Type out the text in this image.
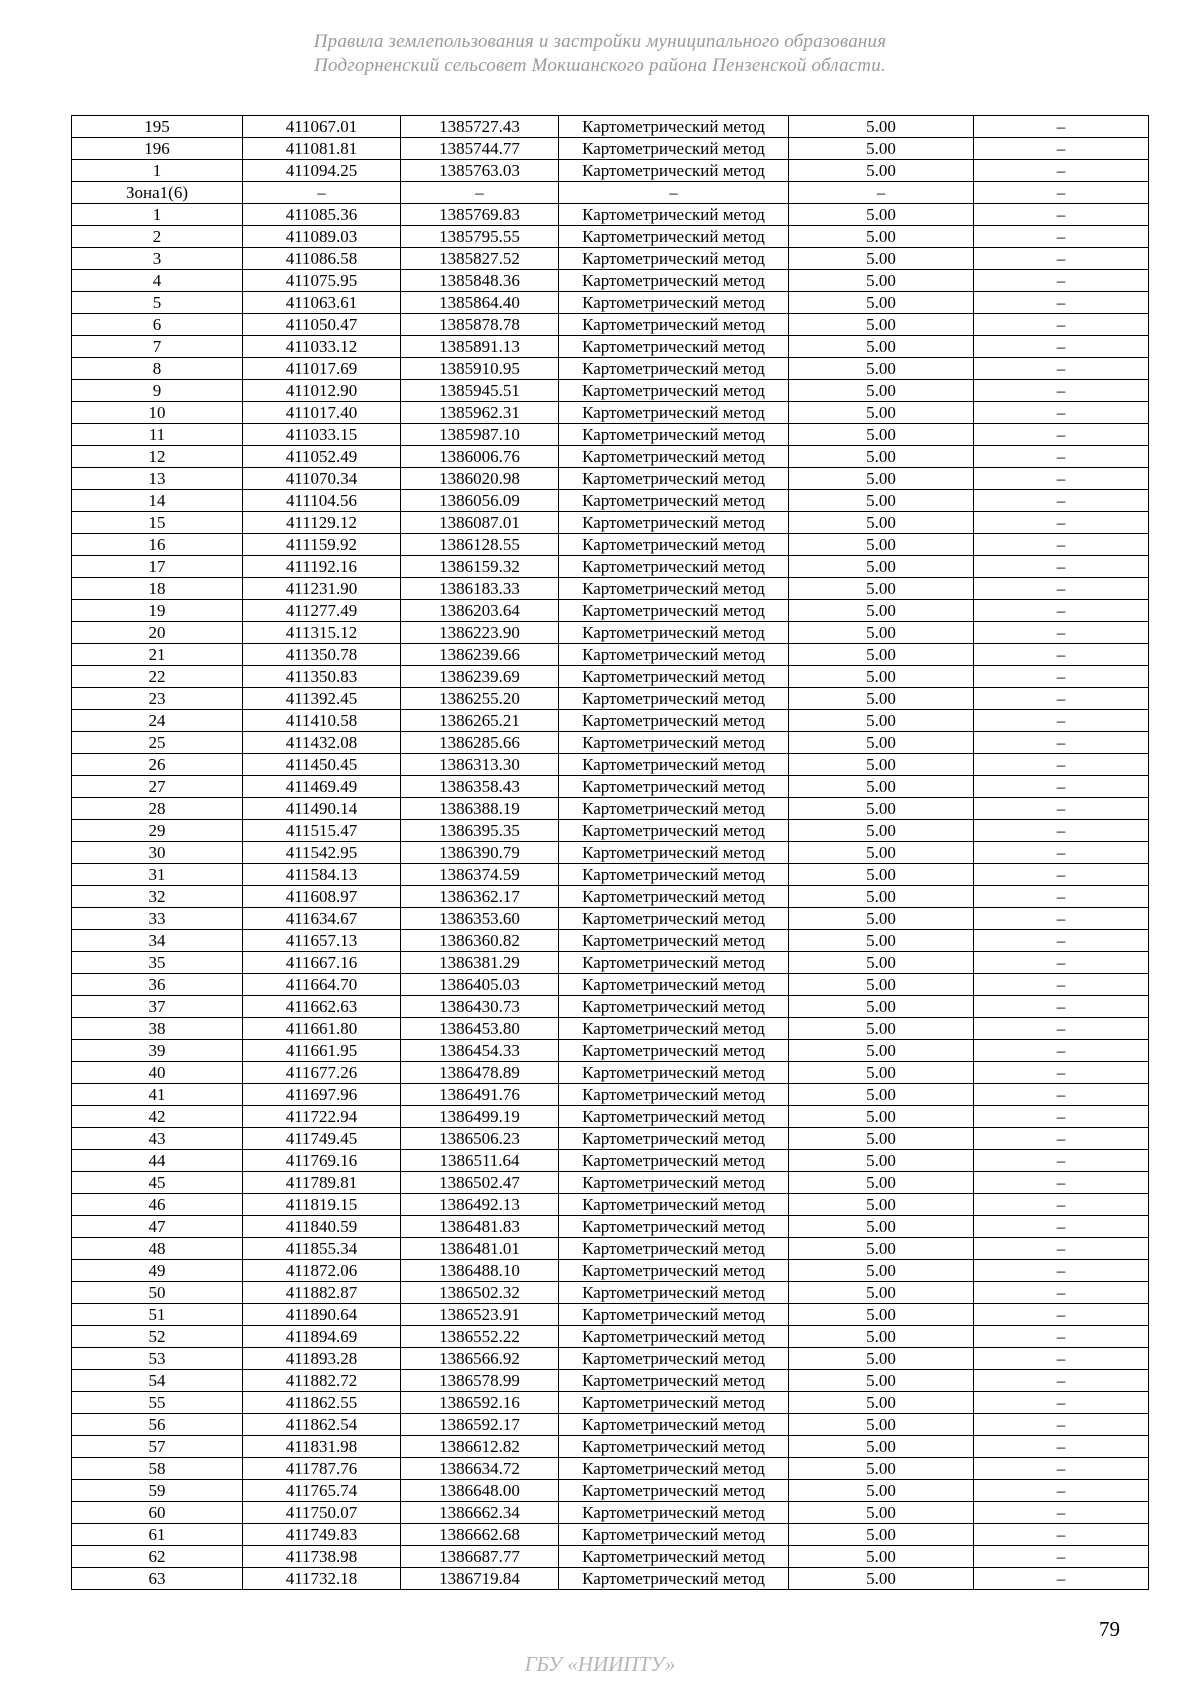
Правила землепользования и застройки муниципального образования
Подгорненский сельсовет Мокшанского района Пензенской области.
195	411067.01	1385727.43	Картометрический метод	5.00	–
196	411081.81	1385744.77	Картометрический метод	5.00	–
1	411094.25	1385763.03	Картометрический метод	5.00	–
Зона1(6)	–	–	–	–	–
1	411085.36	1385769.83	Картометрический метод	5.00	–
2	411089.03	1385795.55	Картометрический метод	5.00	–
3	411086.58	1385827.52	Картометрический метод	5.00	–
4	411075.95	1385848.36	Картометрический метод	5.00	–
5	411063.61	1385864.40	Картометрический метод	5.00	–
6	411050.47	1385878.78	Картометрический метод	5.00	–
7	411033.12	1385891.13	Картометрический метод	5.00	–
8	411017.69	1385910.95	Картометрический метод	5.00	–
9	411012.90	1385945.51	Картометрический метод	5.00	–
10	411017.40	1385962.31	Картометрический метод	5.00	–
11	411033.15	1385987.10	Картометрический метод	5.00	–
12	411052.49	1386006.76	Картометрический метод	5.00	–
13	411070.34	1386020.98	Картометрический метод	5.00	–
14	411104.56	1386056.09	Картометрический метод	5.00	–
15	411129.12	1386087.01	Картометрический метод	5.00	–
16	411159.92	1386128.55	Картометрический метод	5.00	–
17	411192.16	1386159.32	Картометрический метод	5.00	–
18	411231.90	1386183.33	Картометрический метод	5.00	–
19	411277.49	1386203.64	Картометрический метод	5.00	–
20	411315.12	1386223.90	Картометрический метод	5.00	–
21	411350.78	1386239.66	Картометрический метод	5.00	–
22	411350.83	1386239.69	Картометрический метод	5.00	–
23	411392.45	1386255.20	Картометрический метод	5.00	–
24	411410.58	1386265.21	Картометрический метод	5.00	–
25	411432.08	1386285.66	Картометрический метод	5.00	–
26	411450.45	1386313.30	Картометрический метод	5.00	–
27	411469.49	1386358.43	Картометрический метод	5.00	–
28	411490.14	1386388.19	Картометрический метод	5.00	–
29	411515.47	1386395.35	Картометрический метод	5.00	–
30	411542.95	1386390.79	Картометрический метод	5.00	–
31	411584.13	1386374.59	Картометрический метод	5.00	–
32	411608.97	1386362.17	Картометрический метод	5.00	–
33	411634.67	1386353.60	Картометрический метод	5.00	–
34	411657.13	1386360.82	Картометрический метод	5.00	–
35	411667.16	1386381.29	Картометрический метод	5.00	–
36	411664.70	1386405.03	Картометрический метод	5.00	–
37	411662.63	1386430.73	Картометрический метод	5.00	–
38	411661.80	1386453.80	Картометрический метод	5.00	–
39	411661.95	1386454.33	Картометрический метод	5.00	–
40	411677.26	1386478.89	Картометрический метод	5.00	–
41	411697.96	1386491.76	Картометрический метод	5.00	–
42	411722.94	1386499.19	Картометрический метод	5.00	–
43	411749.45	1386506.23	Картометрический метод	5.00	–
44	411769.16	1386511.64	Картометрический метод	5.00	–
45	411789.81	1386502.47	Картометрический метод	5.00	–
46	411819.15	1386492.13	Картометрический метод	5.00	–
47	411840.59	1386481.83	Картометрический метод	5.00	–
48	411855.34	1386481.01	Картометрический метод	5.00	–
49	411872.06	1386488.10	Картометрический метод	5.00	–
50	411882.87	1386502.32	Картометрический метод	5.00	–
51	411890.64	1386523.91	Картометрический метод	5.00	–
52	411894.69	1386552.22	Картометрический метод	5.00	–
53	411893.28	1386566.92	Картометрический метод	5.00	–
54	411882.72	1386578.99	Картометрический метод	5.00	–
55	411862.55	1386592.16	Картометрический метод	5.00	–
56	411862.54	1386592.17	Картометрический метод	5.00	–
57	411831.98	1386612.82	Картометрический метод	5.00	–
58	411787.76	1386634.72	Картометрический метод	5.00	–
59	411765.74	1386648.00	Картометрический метод	5.00	–
60	411750.07	1386662.34	Картометрический метод	5.00	–
61	411749.83	1386662.68	Картометрический метод	5.00	–
62	411738.98	1386687.77	Картометрический метод	5.00	–
63	411732.18	1386719.84	Картометрический метод	5.00	–
79
ГБУ «НИИПТУ»
